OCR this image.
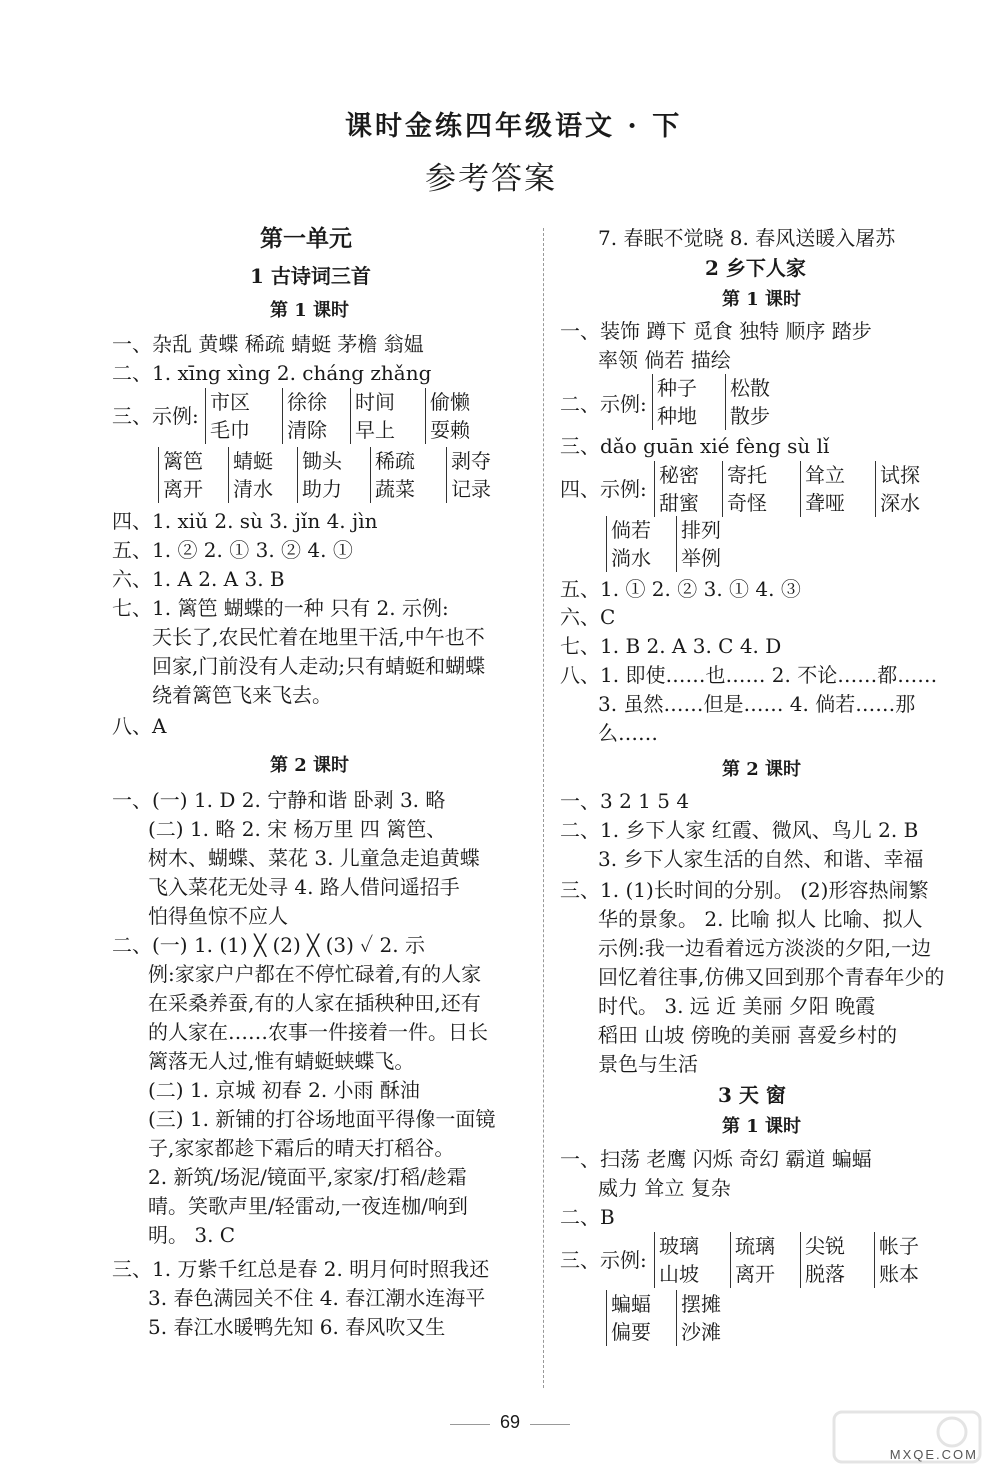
课时金练四年级语文 · 下
参考答案
第一单元
1 古诗词三首
第 1 课时
一、杂乱 黄蝶 稀疏 蜻蜓 茅檐 翁媪
二、1. xīng xìng 2. cháng zhǎng
三、示例:
市区
毛巾
徐徐
清除
时间
早上
偷懒
耍赖
篱笆
离开
蜻蜓
清水
锄头
助力
稀疏
蔬菜
剥夺
记录
四、1. xiǔ 2. sù 3. jǐn 4. jìn
五、1. ② 2. ① 3. ② 4. ①
六、1. A 2. A 3. B
七、1. 篱笆 蝴蝶的一种 只有 2. 示例:
天长了,农民忙着在地里干活,中午也不
回家,门前没有人走动;只有蜻蜓和蝴蝶
绕着篱笆飞来飞去。
八、A
第 2 课时
一、(一) 1. D 2. 宁静和谐 卧剥 3. 略
(二) 1. 略 2. 宋 杨万里 四 篱笆、
树木、蝴蝶、菜花 3. 儿童急走追黄蝶
飞入菜花无处寻 4. 路人借问遥招手
怕得鱼惊不应人
二、(一) 1. (1) ╳ (2) ╳ (3) ✓ 2. 示
例:家家户户都在不停忙碌着,有的人家
在采桑养蚕,有的人家在插秧种田,还有
的人家在……农事一件接着一件。日长
篱落无人过,惟有蜻蜓蛱蝶飞。
(二) 1. 京城 初春 2. 小雨 酥油
(三) 1. 新铺的打谷场地面平得像一面镜
子,家家都趁下霜后的晴天打稻谷。
2. 新筑/场泥/镜面平,家家/打稻/趁霜
晴。笑歌声里/轻雷动,一夜连枷/响到
明。 3. C
三、1. 万紫千红总是春 2. 明月何时照我还
3. 春色满园关不住 4. 春江潮水连海平
5. 春江水暖鸭先知 6. 春风吹又生
7. 春眠不觉晓 8. 春风送暖入屠苏
2 乡下人家
第 1 课时
一、装饰 蹲下 觅食 独特 顺序 踏步
率领 倘若 描绘
二、示例:
种子
种地
松散
散步
三、dǎo guān xié fèng sù lǐ
四、示例:
秘密
甜蜜
寄托
奇怪
耸立
聋哑
试探
深水
倘若
淌水
排列
举例
五、1. ① 2. ② 3. ① 4. ③
六、C
七、1. B 2. A 3. C 4. D
八、1. 即使……也…… 2. 不论……都……
3. 虽然……但是…… 4. 倘若……那
么……
第 2 课时
一、3 2 1 5 4
二、1. 乡下人家 红霞、微风、鸟儿 2. B
3. 乡下人家生活的自然、和谐、幸福
三、1. (1)长时间的分别。 (2)形容热闹繁
华的景象。 2. 比喻 拟人 比喻、拟人
示例:我一边看着远方淡淡的夕阳,一边
回忆着往事,仿佛又回到那个青春年少的
时代。 3. 远 近 美丽 夕阳 晚霞
稻田 山坡 傍晚的美丽 喜爱乡村的
景色与生活
3 天 窗
第 1 课时
一、扫荡 老鹰 闪烁 奇幻 霸道 蝙蝠
威力 耸立 复杂
二、B
三、示例:
玻璃
山坡
琉璃
离开
尖锐
脱落
帐子
账本
蝙蝠
偏要
摆摊
沙滩
69
MXQE.COM
